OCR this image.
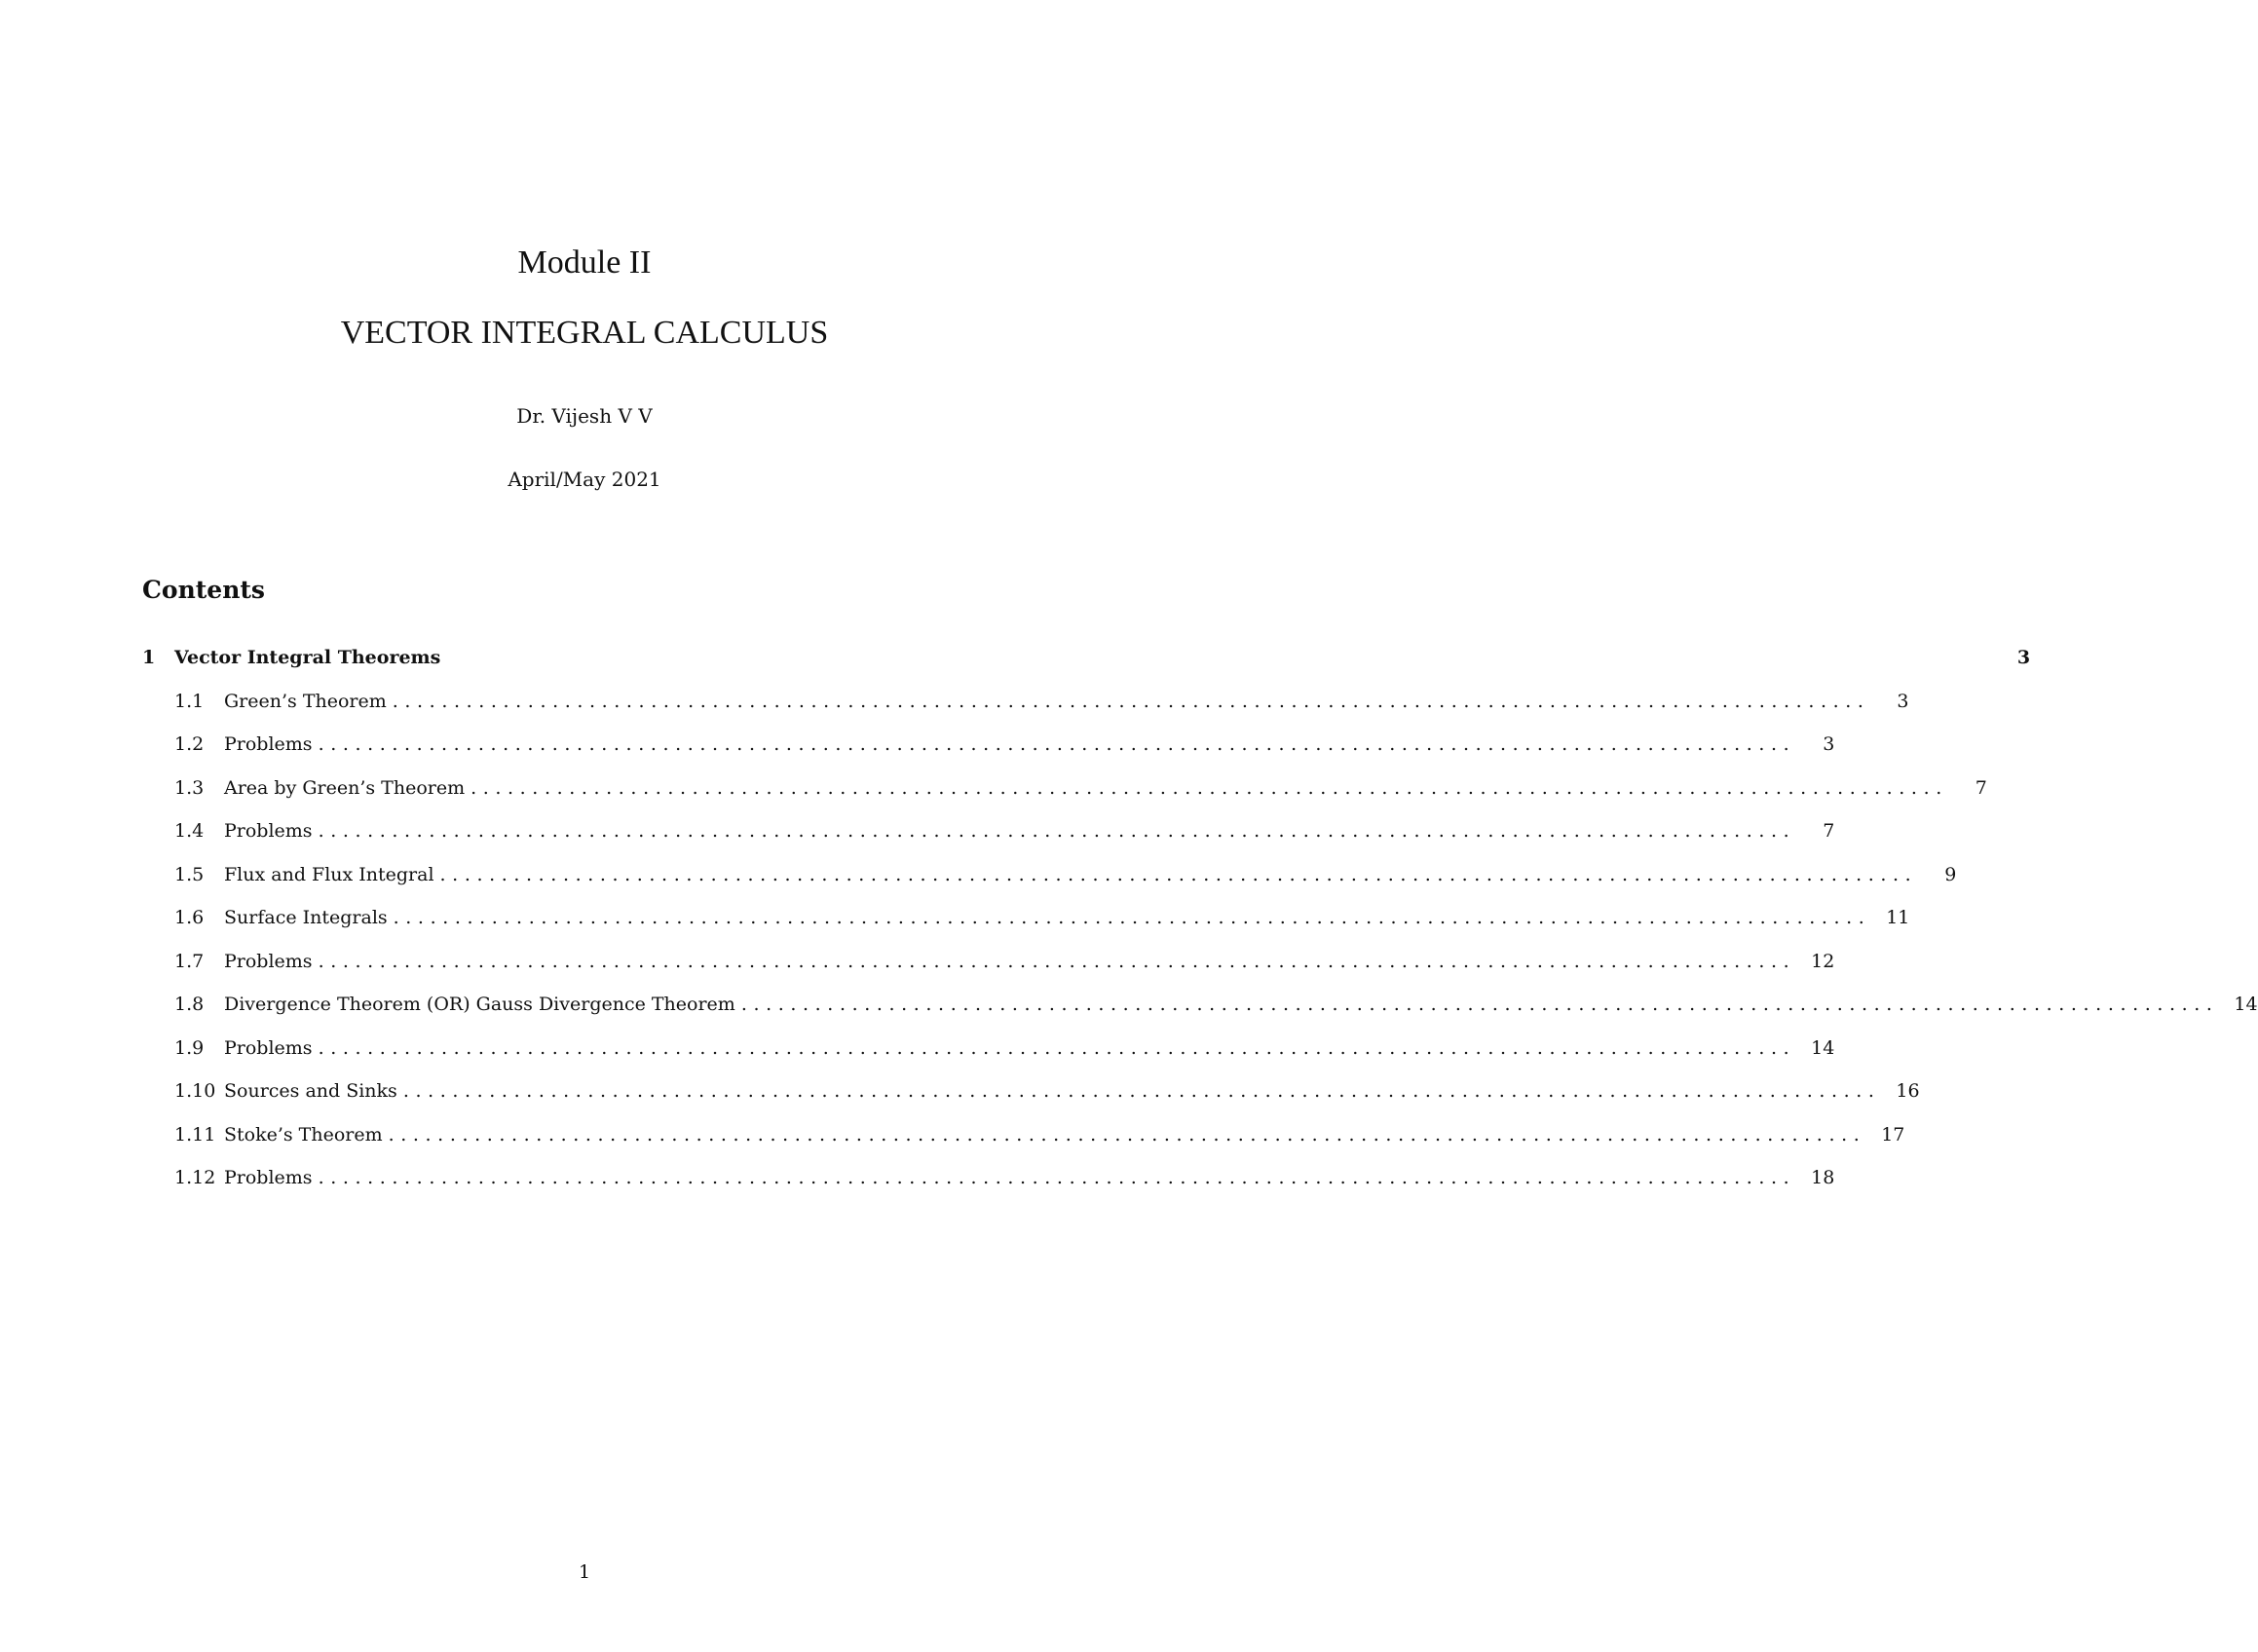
Module II
VECTOR INTEGRAL CALCULUS
Dr. Vijesh V V
April/May 2021
Contents
1	Vector Integral Theorems	3
1.1	Green’s Theorem ........................................................................................................................	3
1.2	Problems ........................................................................................................................	3
1.3	Area by Green’s Theorem ........................................................................................................................	7
1.4	Problems ........................................................................................................................	7
1.5	Flux and Flux Integral ........................................................................................................................	9
1.6	Surface Integrals ........................................................................................................................ 11
1.7	Problems ........................................................................................................................ 12
1.8	Divergence Theorem (OR) Gauss Divergence Theorem ........................................................................................................................ 14
1.9	Problems ........................................................................................................................ 14
1.10 Sources and Sinks ........................................................................................................................ 16
1.11 Stoke’s Theorem ........................................................................................................................ 17
1.12 Problems ........................................................................................................................ 18
1
